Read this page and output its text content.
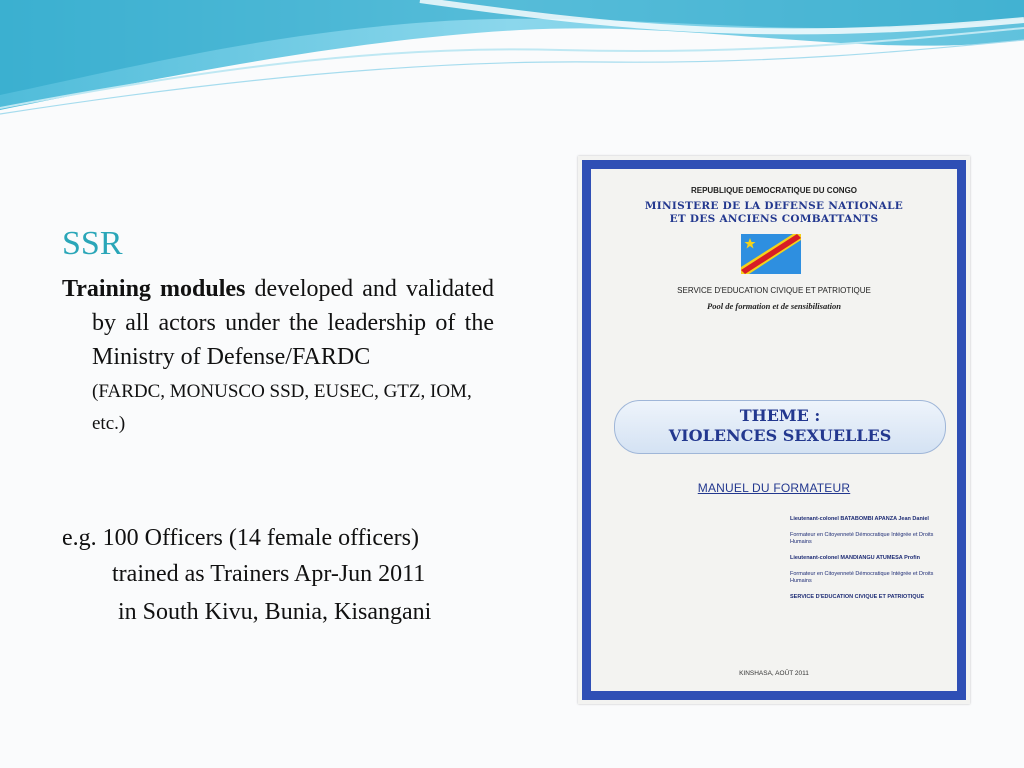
SSR

Training modules developed and validated by all actors under the leadership of the Ministry of Defense/FARDC

(FARDC, MONUSCO SSD, EUSEC, GTZ, IOM, etc.)

e.g. 100 Officers (14 female officers)
trained as Trainers Apr-Jun 2011
in South Kivu, Bunia, Kisangani
REPUBLIQUE DEMOCRATIQUE DU CONGO
MINISTERE DE LA DEFENSE NATIONALE
ET DES ANCIENS COMBATTANTS
SERVICE D'EDUCATION CIVIQUE ET PATRIOTIQUE
Pool de formation et de sensibilisation
THEME :
VIOLENCES SEXUELLES
MANUEL DU FORMATEUR
Lieutenant-colonel BATABOMBI APANZA Jean Daniel
Formateur en Citoyenneté Démocratique Intégrée et Droits Humains
Lieutenant-colonel MANDIANGU ATUMESA Profin
Formateur en Citoyenneté Démocratique Intégrée et Droits Humains
SERVICE D'EDUCATION CIVIQUE ET PATRIOTIQUE
KINSHASA, AOÛT 2011
